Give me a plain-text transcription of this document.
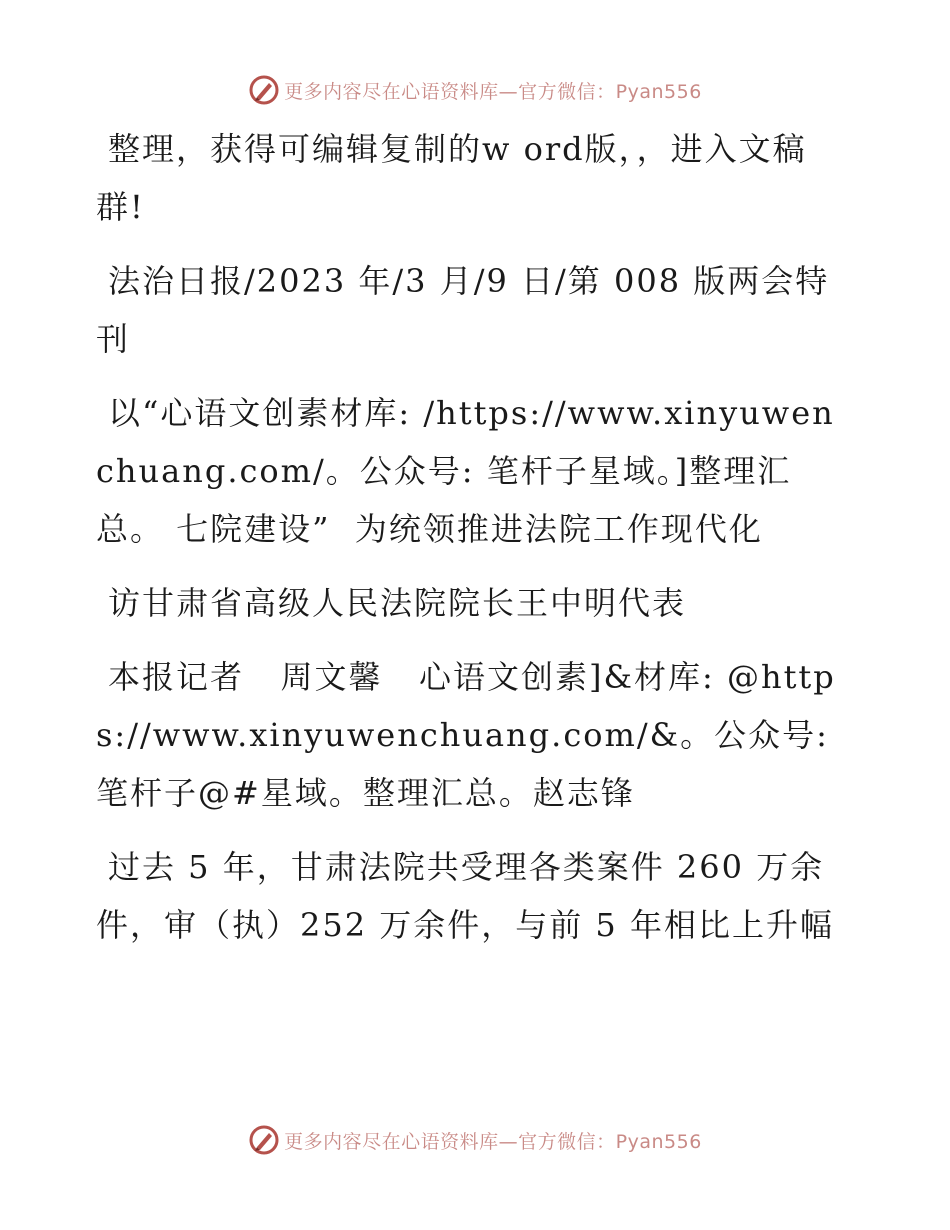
更多内容尽在心语资料库—官方微信：Pyan556

整理，获得可编辑复制的w ord版，，进入文稿群!

法治日报/2023 年/3 月/9 日/第 008 版两会特刊

以“心语文创素材库: /https://www.xinyuwenchuang.com/。公众号: 笔杆子星域。]整理汇总。 七院建设”  为统领推进法院工作现代化

访甘肃省高级人民法院院长王中明代表

本报记者   周文馨   心语文创素]&材库: @https://www.xinyuwenchuang.com/&。公众号: 笔杆子@#星域。整理汇总。赵志锋

过去 5 年，甘肃法院共受理各类案件 260 万余件，审（执）252 万余件，与前 5 年相比上升幅

更多内容尽在心语资料库—官方微信：Pyan556
